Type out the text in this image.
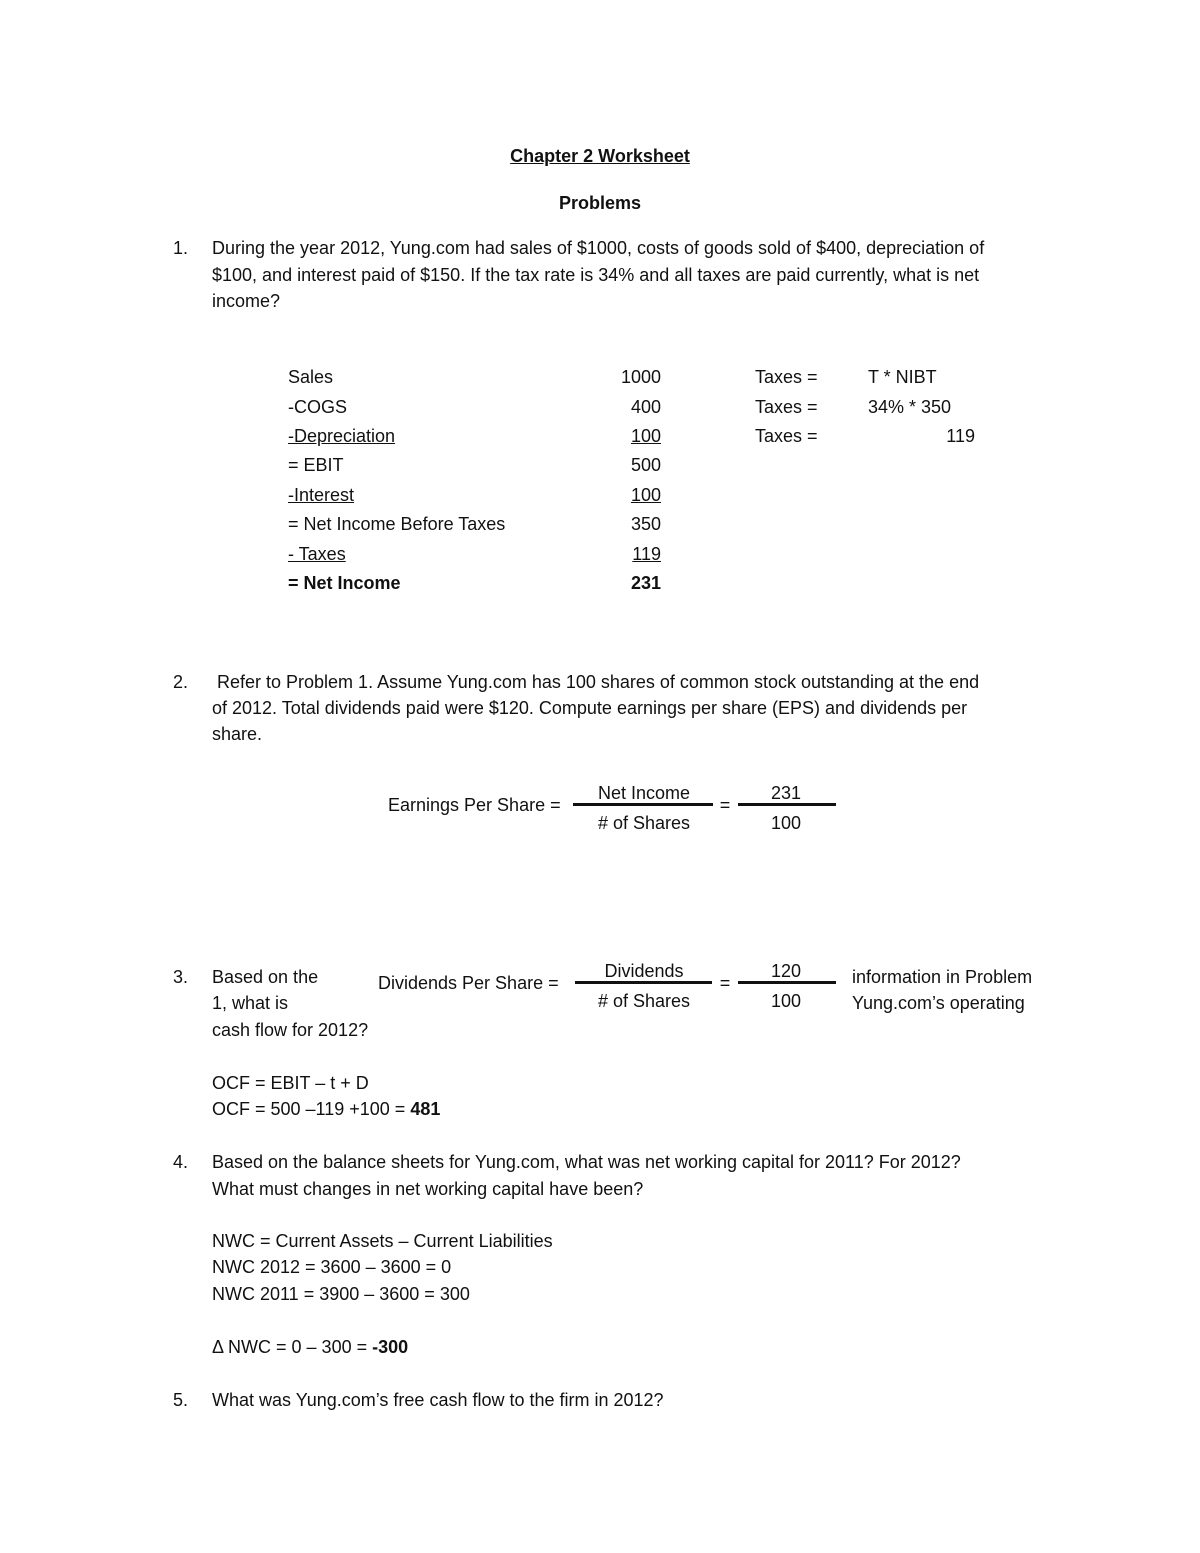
Chapter 2 Worksheet
Problems
1. During the year 2012, Yung.com had sales of $1000, costs of goods sold of $400, depreciation of
$100, and interest paid of $150. If the tax rate is 34% and all taxes are paid currently, what is net
income?
Sales	1000
-COGS	400
-Depreciation	100
= EBIT	500
-Interest	100
= Net Income Before Taxes	350
- Taxes	119
= Net Income	231
Taxes =	T * NIBT
Taxes =	34% * 350
Taxes =	119
2. Refer to Problem 1. Assume Yung.com has 100 shares of common stock outstanding at the end
of 2012. Total dividends paid were $120. Compute earnings per share (EPS) and dividends per
share.
Earnings Per Share =
Net Income
# of Shares
=
231
100
3. Based on the
1, what is
cash flow for 2012?
information in Problem
Yung.com’s operating
Dividends Per Share =
Dividends
# of Shares
=
120
100
OCF = EBIT – t + D
OCF = 500 –119 +100 = 481
4. Based on the balance sheets for Yung.com, what was net working capital for 2011? For 2012?
What must changes in net working capital have been?
NWC = Current Assets – Current Liabilities
NWC 2012 = 3600 – 3600 = 0
NWC 2011 = 3900 – 3600 = 300
Δ NWC = 0 – 300 = -300
5. What was Yung.com’s free cash flow to the firm in 2012?
